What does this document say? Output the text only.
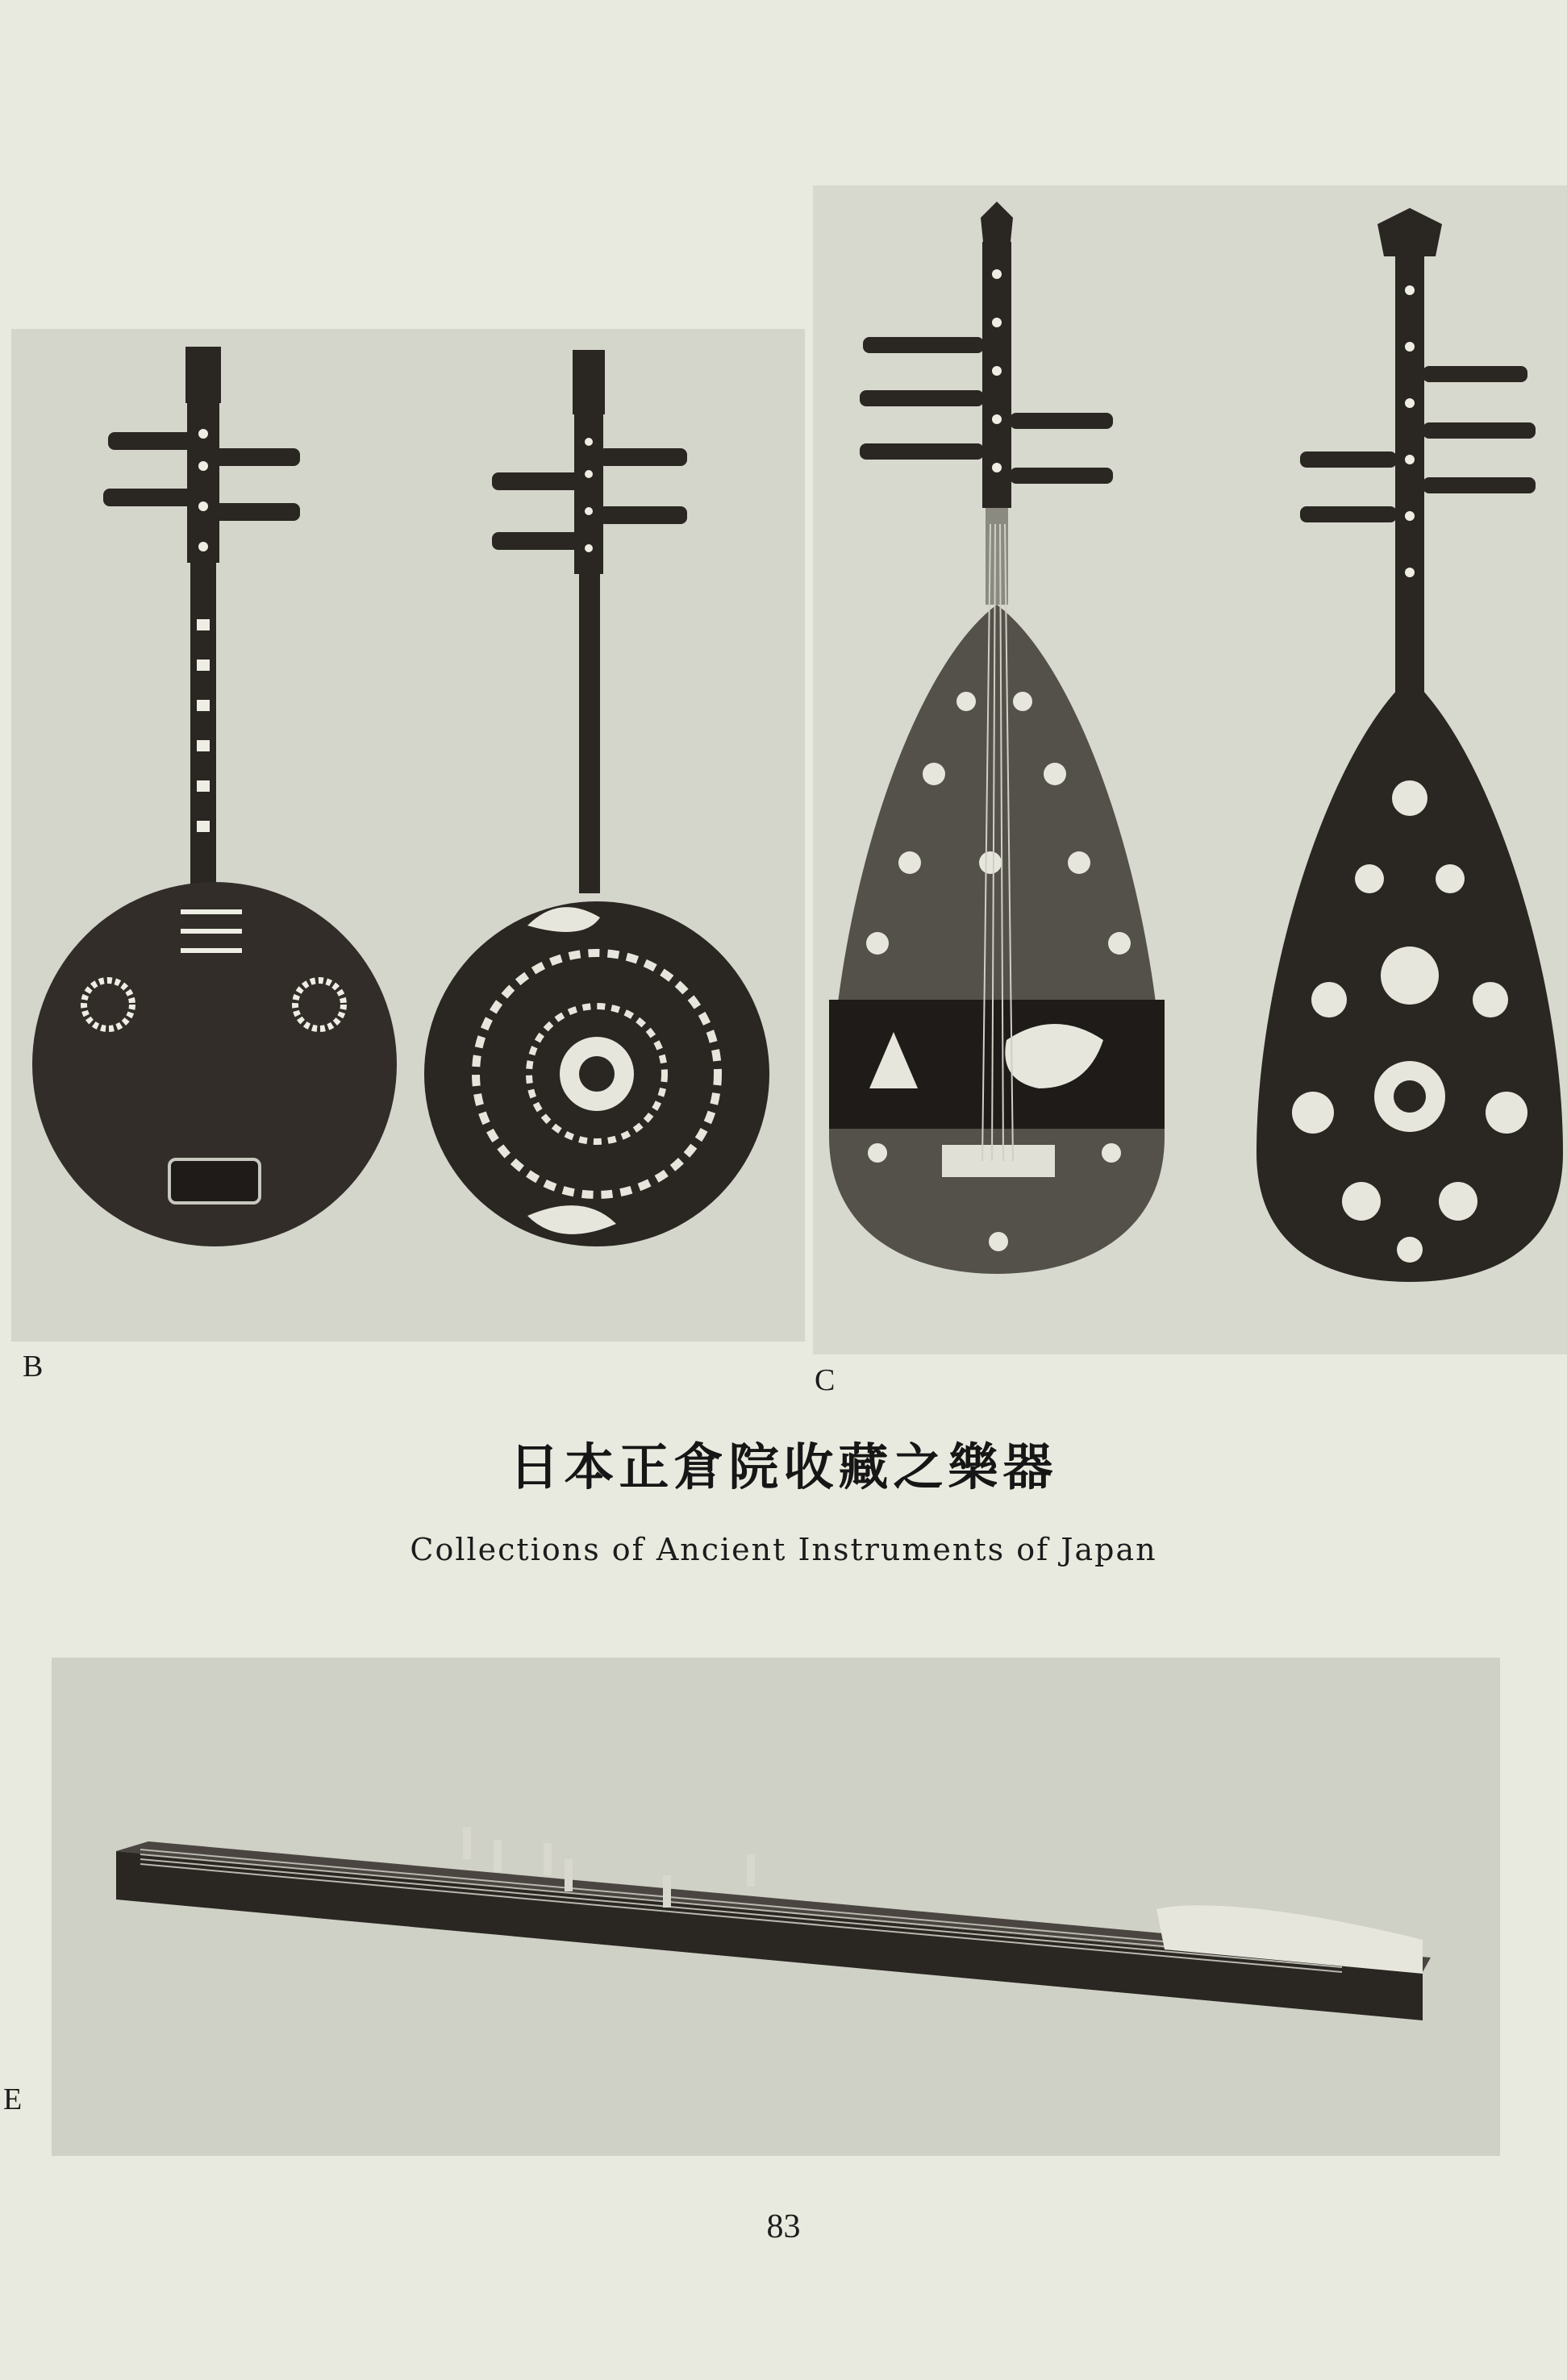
B	C
E
日本正倉院收藏之樂器
Collections of Ancient Instruments of Japan
83
